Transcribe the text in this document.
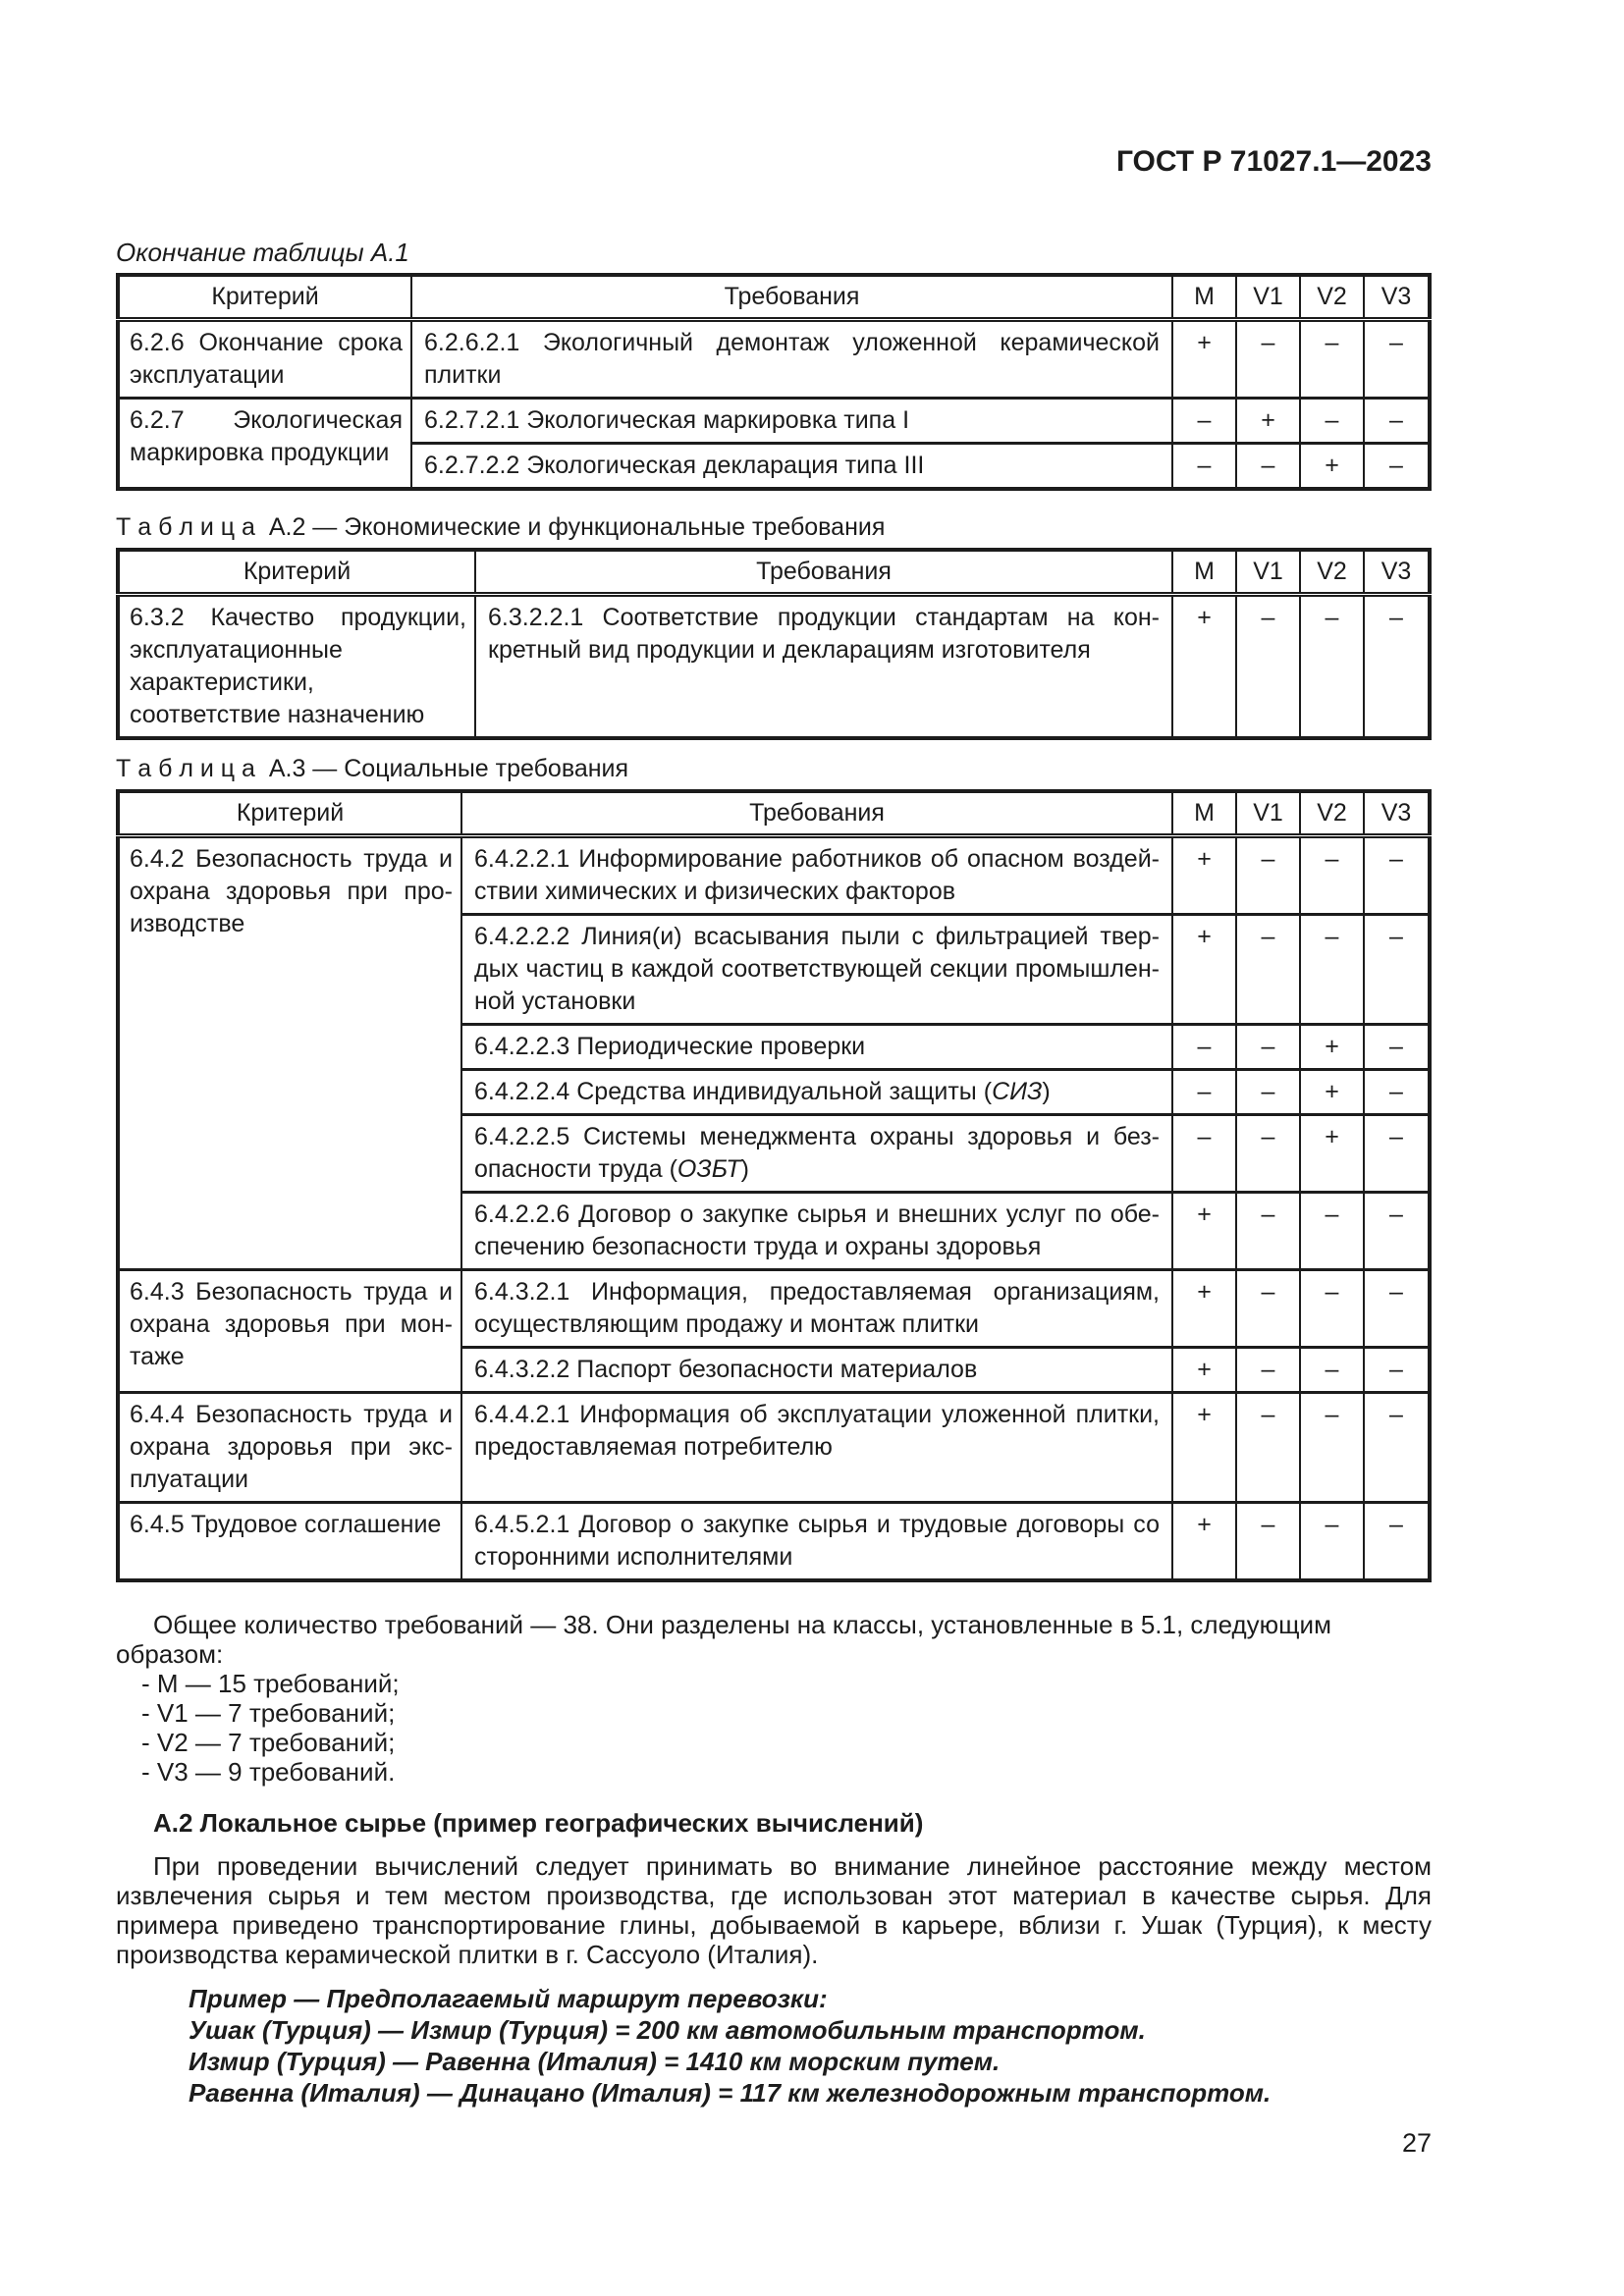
ГОСТ Р 71027.1—2023
Окончание таблицы А.1
Критерий	Требования	М	V1	V2	V3
6.2.6 Окончание срока эксплуатации	6.2.6.2.1 Экологичный демонтаж уложенной керамической плитки	+	–	–	–
6.2.7 Экологическая маркировка продукции	6.2.7.2.1 Экологическая маркировка типа I	–	+	–	–
	6.2.7.2.2 Экологическая декларация типа III	–	–	+	–
Т а б л и ц а  А.2 — Экономические и функциональные требования
Критерий	Требования	М	V1	V2	V3
6.3.2 Качество продукции, эксплуатационные характеристики, соответствие назначению	6.3.2.2.1 Соответствие продукции стандартам на конкретный вид продукции и декларациям изготовителя	+	–	–	–
Т а б л и ц а  А.3 — Социальные требования
Критерий	Требования	М	V1	V2	V3
6.4.2 Безопасность труда и охрана здоровья при производстве	6.4.2.2.1 Информирование работников об опасном воздействии химических и физических факторов	+	–	–	–
	6.4.2.2.2 Линия(и) всасывания пыли с фильтрацией твердых частиц в каждой соответствующей секции промышленной установки	+	–	–	–
	6.4.2.2.3 Периодические проверки	–	–	+	–
	6.4.2.2.4 Средства индивидуальной защиты (СИЗ)	–	–	+	–
	6.4.2.2.5 Системы менеджмента охраны здоровья и безопасности труда (ОЗБТ)	–	–	+	–
	6.4.2.2.6 Договор о закупке сырья и внешних услуг по обеспечению безопасности труда и охраны здоровья	+	–	–	–
6.4.3 Безопасность труда и охрана здоровья при монтаже	6.4.3.2.1 Информация, предоставляемая организациям, осуществляющим продажу и монтаж плитки	+	–	–	–
	6.4.3.2.2 Паспорт безопасности материалов	+	–	–	–
6.4.4 Безопасность труда и охрана здоровья при эксплуатации	6.4.4.2.1 Информация об эксплуатации уложенной плитки, предоставляемая потребителю	+	–	–	–
6.4.5 Трудовое соглашение	6.4.5.2.1 Договор о закупке сырья и трудовые договоры со сторонними исполнителями	+	–	–	–
Общее количество требований — 38. Они разделены на классы, установленные в 5.1, следующим образом:
- М — 15 требований;
- V1 — 7 требований;
- V2 — 7 требований;
- V3 — 9 требований.
А.2 Локальное сырье (пример географических вычислений)
При проведении вычислений следует принимать во внимание линейное расстояние между местом извлечения сырья и тем местом производства, где использован этот материал в качестве сырья. Для примера приведено транспортирование глины, добываемой в карьере, вблизи г. Ушак (Турция), к месту производства керамической плитки в г. Сассуоло (Италия).
Пример — Предполагаемый маршрут перевозки:
Ушак (Турция) — Измир (Турция) = 200 км автомобильным транспортом.
Измир (Турция) — Равенна (Италия) = 1410 км морским путем.
Равенна (Италия) — Динацано (Италия) = 117 км железнодорожным транспортом.
27
